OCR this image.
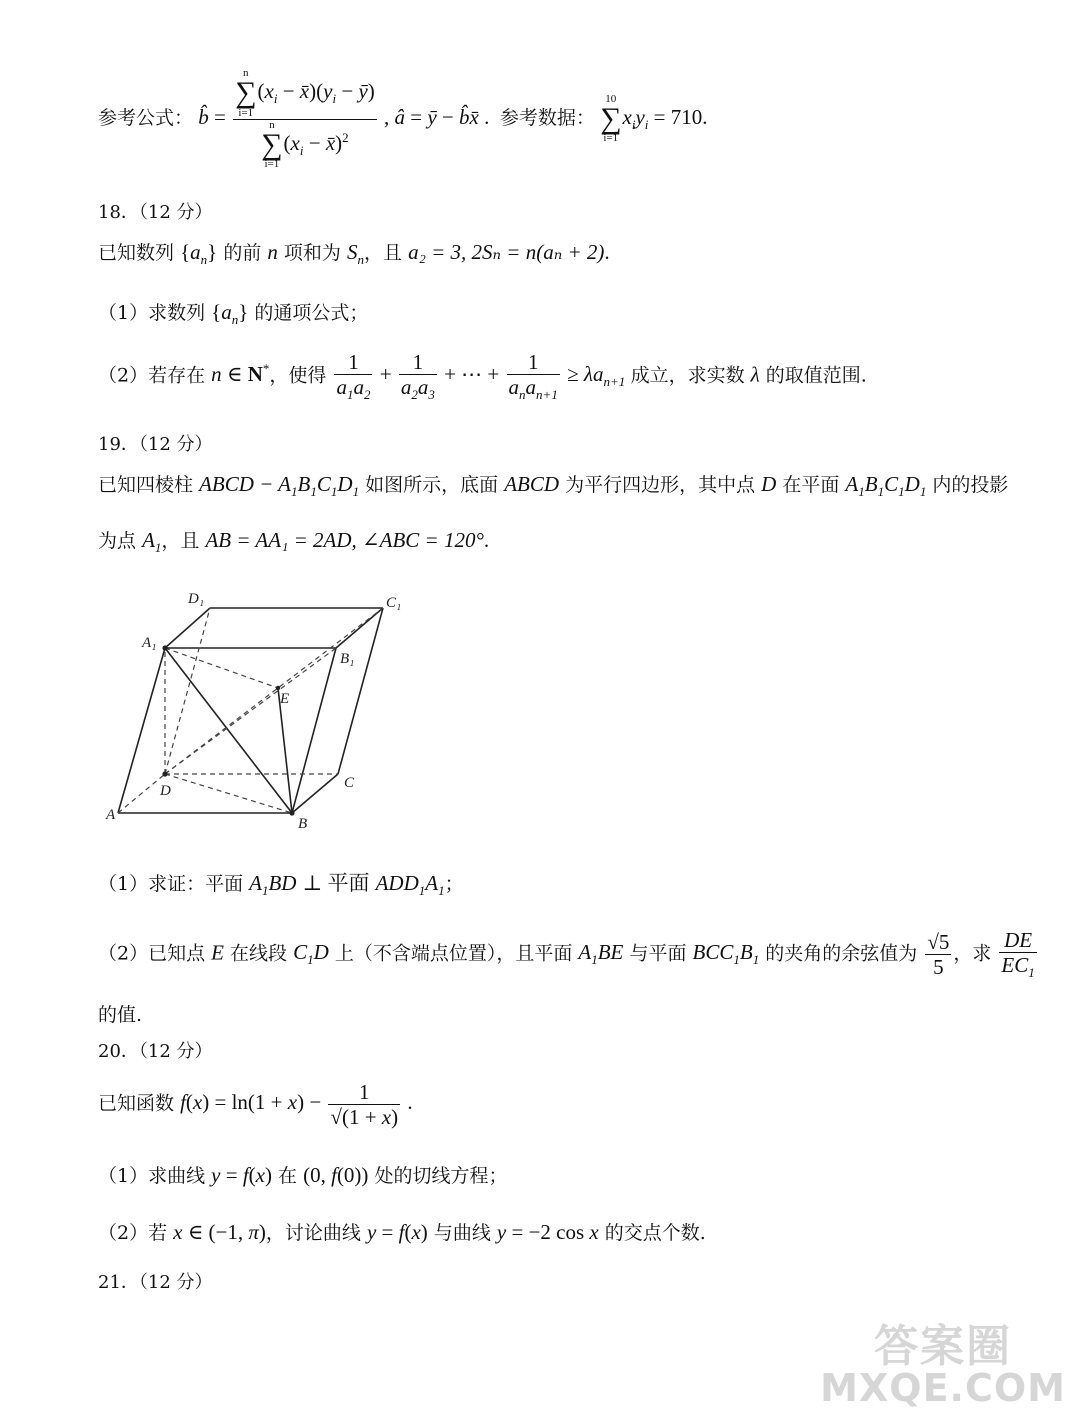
参考公式： b̂ = n
∑
i=1
($x_i$ − $x̄)(y_i$ − ȳ)
n
∑
i=1
($x_i$ − x̄)$^2$ , â = ȳ − b̂x̄ . 参考数据：
10
∑
i=1
$x_iy_i = 710$.
18．（12 分）
已知数列 $\{a_n\}$ 的前 n 项和为 $S_n$，且 a₂ = 3, 2Sₙ = n(aₙ + 2).
（1）求数列 $\{a_n\}$ 的通项公式；
（2）若存在 n ∈ N*，使得 $\frac{1}{a_1a_2} + \frac{1}{a_2a_3}$ + ⋯ + $\frac{1}{a_na_{n+1}} \ge \lambda a_{n+1}$ 成立，求实数 λ 的取值范围.
19．（12 分）
已知四棱柱 ABCD − $A_1B_1C_1D_1$ 如图所示，底面 ABCD 为平行四边形，其中点 D 在平面 $A_1B_1C_1D_1$ 内的投影
为点 $A_1$，且 AB = AA₁ = 2AD, ∠ABC = 120°.
D₁	C₁
A₁
B₁
E
D	C
A
B
（1）求证：平面 $A_1BD$ ⊥ 平面 $ADD_1A_1$；
（2）已知点 E 在线段 $C_1D$ 上（不含端点位置），且平面 $A_1BE$ 与平面 $BCC_1B_1$ 的夹角的余弦值为 $\frac{√5}{5}$ ，求 $\frac{DE}{EC_1}$
的值.
20．（12 分）
已知函数 $f(x) = \ln(1 + x) - \frac{1}{√(1 + x)}$ .
（1）求曲线 y = f(x) 在 (0, f(0)) 处的切线方程；
（2）若 x ∈ (−1, π)，讨论曲线 y = f(x) 与曲线 y = −2 cos x 的交点个数.
21．（12 分）
答案圈
MXQE.COM
